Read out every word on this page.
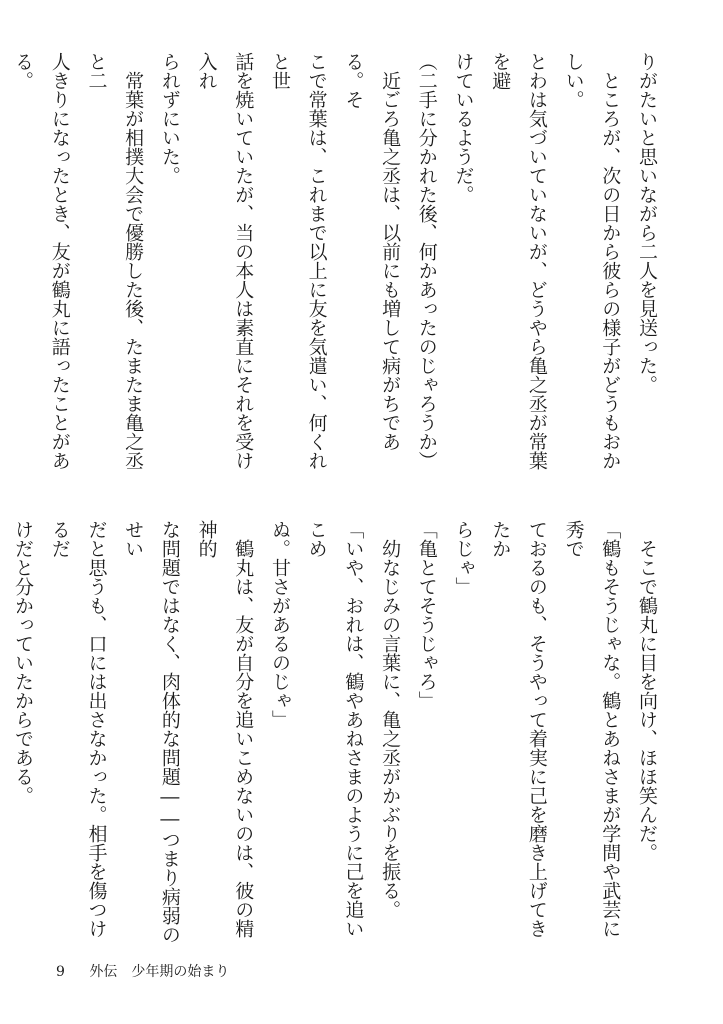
りがたいと思いながら二人を見送った。

　ところが、次の日から彼らの様子がどうもおかしい。

とわは気づいていないが、どうやら亀之丞が常葉を避

けているようだ。

（二手に分かれた後、何かあったのじゃろうか）

　近ごろ亀之丞は、以前にも増して病がちである。そ

こで常葉は、これまで以上に友を気遣い、何くれと世

話を焼いていたが、当の本人は素直にそれを受け入れ

られずにいた。

　常葉が相撲大会で優勝した後、たまたま亀之丞と二

人きりになったとき、友が鶴丸に語ったことがある。

　そこで鶴丸に目を向け、ほほ笑んだ。

「鶴もそうじゃな。鶴とあねさまが学問や武芸に秀で

ておるのも、そうやって着実に己を磨き上げてきたか

らじゃ」

「亀とてそうじゃろ」

　幼なじみの言葉に、亀之丞がかぶりを振る。

「いや、おれは、鶴やあねさまのように己を追いこめ

ぬ。甘さがあるのじゃ」

　鶴丸は、友が自分を追いこめないのは、彼の精神的

な問題ではなく、肉体的な問題――つまり病弱のせい

だと思うも、口には出さなかった。相手を傷つけるだ

けだと分かっていたからである。

9 外伝　少年期の始まり
